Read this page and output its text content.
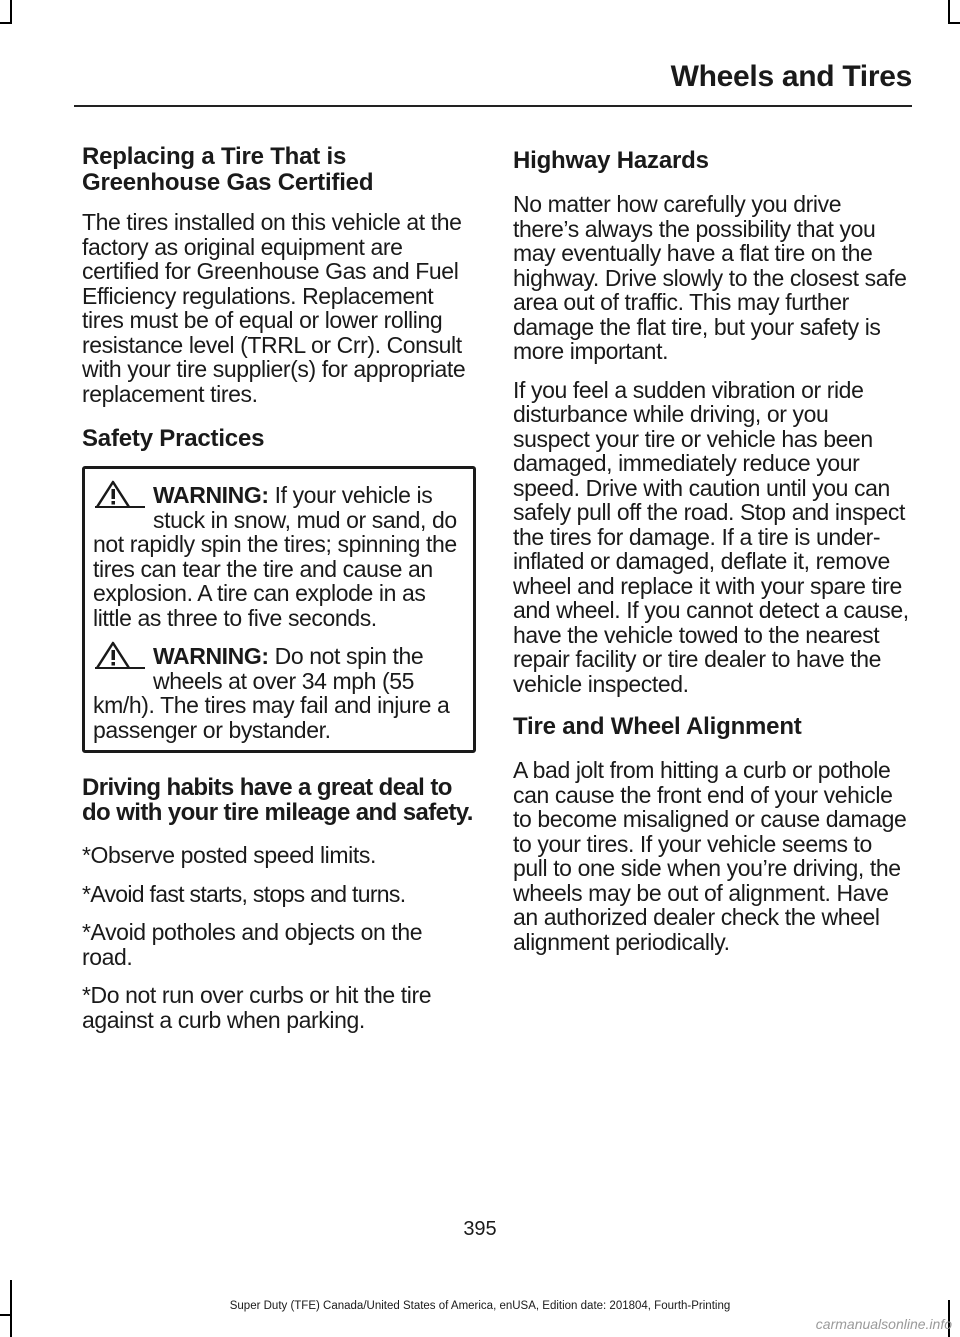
Wheels and Tires
Replacing a Tire That is Greenhouse Gas Certified

The tires installed on this vehicle at the factory as original equipment are certified for Greenhouse Gas and Fuel Efficiency regulations. Replacement tires must be of equal or lower rolling resistance level (TRRL or Crr). Consult with your tire supplier(s) for appropriate replacement tires.

Safety Practices
WARNING: If your vehicle is stuck in snow, mud or sand, do not rapidly spin the tires; spinning the tires can tear the tire and cause an explosion. A tire can explode in as little as three to five seconds.
WARNING: Do not spin the wheels at over 34 mph (55 km/h). The tires may fail and injure a passenger or bystander.

Driving habits have a great deal to do with your tire mileage and safety.

*Observe posted speed limits.

*Avoid fast starts, stops and turns.

*Avoid potholes and objects on the road.

*Do not run over curbs or hit the tire against a curb when parking.

Highway Hazards

No matter how carefully you drive there’s always the possibility that you may eventually have a flat tire on the highway. Drive slowly to the closest safe area out of traffic. This may further damage the flat tire, but your safety is more important.

If you feel a sudden vibration or ride disturbance while driving, or you suspect your tire or vehicle has been damaged, immediately reduce your speed. Drive with caution until you can safely pull off the road. Stop and inspect the tires for damage. If a tire is under-inflated or damaged, deflate it, remove wheel and replace it with your spare tire and wheel. If you cannot detect a cause, have the vehicle towed to the nearest repair facility or tire dealer to have the vehicle inspected.

Tire and Wheel Alignment

A bad jolt from hitting a curb or pothole can cause the front end of your vehicle to become misaligned or cause damage to your tires. If your vehicle seems to pull to one side when you’re driving, the wheels may be out of alignment. Have an authorized dealer check the wheel alignment periodically.

395
Super Duty (TFE) Canada/United States of America, enUSA, Edition date: 201804, Fourth-Printing
carmanualsonline.info
